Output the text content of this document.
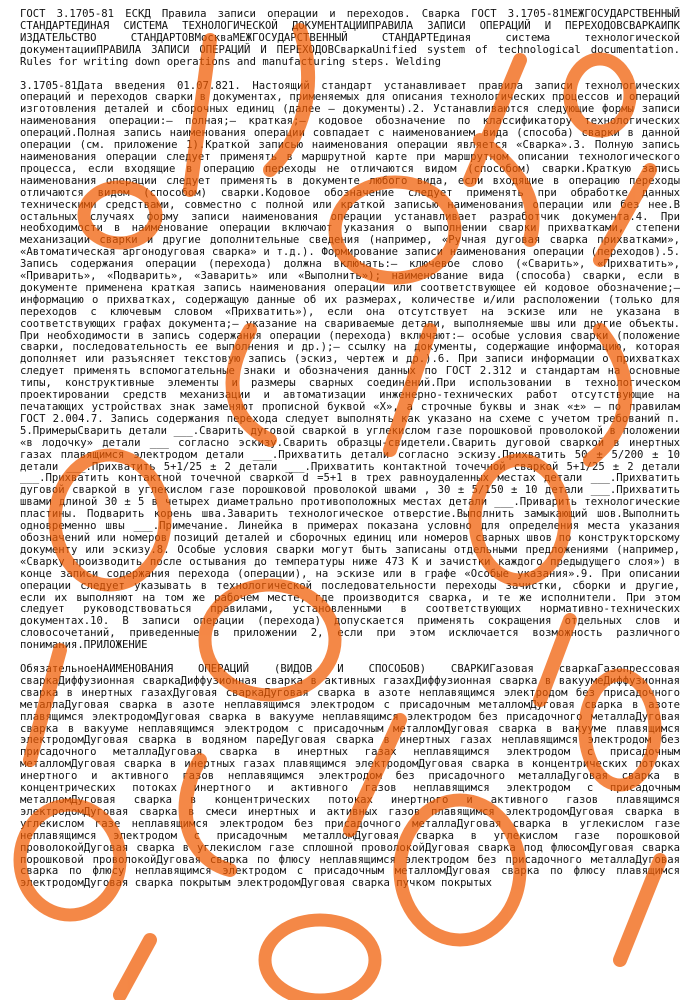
ГОСТ 3.1705-81 ЕСКД Правила записи операции и переходов. Сварка ГОСТ 3.1705-81МЕЖГОСУДАРСТВЕННЫЙ СТАНДАРТЕДИНАЯ СИСТЕМА ТЕХНОЛОГИЧЕСКОЙ ДОКУМЕНТАЦИИПРАВИЛА ЗАПИСИ ОПЕРАЦИЙ И ПЕРЕХОДОВСВАРКАИПК ИЗДАТЕЛЬСТВО СТАНДАРТОВМоскваМЕЖГОСУДАРСТВЕННЫЙ СТАНДАРТЕдиная система технологической документацииПРАВИЛА ЗАПИСИ ОПЕРАЦИЙ И ПЕРЕХОДОВСваркаUnified system of technological documentation. Rules for writing down operations and manufacturing steps. Welding
3.1705-81Дата введения 01.07.821. Настоящий стандарт устанавливает правила записи технологических операций и переходов сварки в документах, применяемых для описания технологических процессов и операций изготовления деталей и сборочных единиц (далее – документы).2. Устанавливаются следующие формы записи наименования операции:– полная;– краткая;– кодовое обозначение по классификатору технологических операций.Полная запись наименования операции совпадает с наименованием вида (способа) сварки в данной операции (см. приложение 1).Краткой записью наименования операции является «Сварка».3. Полную запись наименования операции следует применять в маршрутной карте при маршрутном описании технологического процесса, если входящие в операцию переходы не отличаются видом (способом) сварки.Краткую запись наименования операции следует применять в документе любого вида, если входящие в операцию переходы отличаются видом (способом) сварки.Кодовое обозначение следует применять при обработке данных техническими средствами, совместно с полной или краткой записью наименования операции или без нее.В остальных случаях форму записи наименования операции устанавливает разработчик документа.4. При необходимости в наименование операции включают указания о выполнении сварки прихватками, степени механизации сварки и другие дополнительные сведения (например, «Ручная дуговая сварка прихватками», «Автоматическая аргонодуговая сварка» и т.д.). Формирование записи наименования операции (переходов).5. Запись содержания операции (перехода) должна включать:– ключевое слово («Сварить», «Прихватить», «Приварить», «Подварить», «Заварить» или «Выполнить»); наименование вида (способа) сварки, если в документе применена краткая запись наименования операции или соответствующее ей кодовое обозначение;– информацию о прихватках, содержащую данные об их размерах, количестве и/или расположении (только для переходов с ключевым словом «Прихватить»), если она отсутствует на эскизе или не указана в соответствующих графах документа;– указание на свариваемые детали, выполняемые швы или другие объекты. При необходимости в запись содержания операции (перехода) включают:– особые условия сварки (положение сварки, последовательность ее выполнения и др.);– ссылку на документы, содержащие информацию, которая дополняет или разъясняет текстовую запись (эскиз, чертеж и др.).6. При записи информации о прихватках следует применять вспомогательные знаки и обозначения данных по ГОСТ 2.312 и стандартам на основные типы, конструктивные элементы и размеры сварных соединений.При использовании в технологическом проектировании средств механизации и автоматизации инженерно-технических работ отсутствующие на печатающих устройствах знак заменяют прописной буквой «Х», а строчные буквы и знак «±» – по правилам ГОСТ 2.004.7. Запись содержания перехода следует выполнять как указано на схеме с учетом требований п. 5.ПримерыСварить детали ___.Сварить дуговой сваркой в углекислом газе порошковой проволокой в положении «в лодочку» детали ___ согласно эскизу.Сварить образцы-свидетели.Сварить дуговой сваркой в инертных газах плавящимся электродом детали ___.Прихватить детали согласно эскизу.Прихватить 50 ± 5/200 ± 10 детали ___.Прихватить 5+1/25 ± 2 детали ___.Прихватить контактной точечной сваркой 5+1/25 ± 2 детали ___.Прихватить контактной точечной сваркой d =5+1 в трех равноудаленных местах детали ___.Прихватить дуговой сваркой в углекислом газе порошковой проволокой швами , 30 ± 5/150 ± 10 детали ___.Прихватить швами длиной 30 ± 5 в четырех диаметрально противоположных местах детали ___.Приварить технологические пластины. Подварить корень шва.Заварить технологическое отверстие.Выполнить замыкающий шов.Выполнить одновременно швы ___.Примечание. Линейка в примерах показана условно для определения места указания обозначений или номеров позиций деталей и сборочных единиц или номеров сварных швов по конструкторскому документу или эскизу.8. Особые условия сварки могут быть записаны отдельными предложениями (например, «Сварку производить после остывания до температуры ниже 473 К и зачистки каждого предыдущего слоя») в конце записи содержания перехода (операции), на эскизе или в графе «Особые указания».9. При описании операции следует указывать в технологической последовательности переходы зачистки, сборки и другие, если их выполняют на том же рабочем месте, где производится сварка, и те же исполнители. При этом следует руководствоваться правилами, установленными в соответствующих нормативно-технических документах.10. В записи операции (перехода) допускается применять сокращения отдельных слов и словосочетаний, приведенные в приложении 2, если при этом исключается возможность различного понимания.ПРИЛОЖЕНИЕ
ОбязательноеНАИМЕНОВАНИЯ ОПЕРАЦИЙ (ВИДОВ И СПОСОБОВ) СВАРКИГазовая сваркаГазопрессовая сваркаДиффузионная сваркаДиффузионная сварка в активных газахДиффузионная сварка в вакуумеДиффузионная сварка в инертных газахДуговая сваркаДуговая сварка в азоте неплавящимся электродом без присадочного металлаДуговая сварка в азоте неплавящимся электродом с присадочным металломДуговая сварка в азоте плавящимся электродомДуговая сварка в вакууме неплавящимся электродом без присадочного металлаДуговая сварка в вакууме неплавящимся электродом с присадочным металломДуговая сварка в вакууме плавящимся электродомДуговая сварка в водяном пареДуговая сварка в инертных газах неплавящимся электродом без присадочного металлаДуговая сварка в инертных газах неплавящимся электродом с присадочным металломДуговая сварка в инертных газах плавящимся электродомДуговая сварка в концентрических потоках инертного и активного газов неплавящимся электродом без присадочного металлаДуговая сварка в концентрических потоках инертного и активного газов неплавящимся электродом с присадочным металломДуговая сварка в концентрических потоках инертного и активного газов плавящимся электродомДуговая сварка в смеси инертных и активных газов плавящимся электродомДуговая сварка в углекислом газе неплавящимся электродом без присадочного металлаДуговая сварка в углекислом газе неплавящимся электродом с присадочным металломДуговая сварка в углекислом газе порошковой проволокойДуговая сварка в углекислом газе сплошной проволокойДуговая сварка под флюсомДуговая сварка порошковой проволокойДуговая сварка по флюсу неплавящимся электродом без присадочного металлаДуговая сварка по флюсу неплавящимся электродом с присадочным металломДуговая сварка по флюсу плавящимся электродомДуговая сварка покрытым электродомДуговая сварка пучком покрытых
